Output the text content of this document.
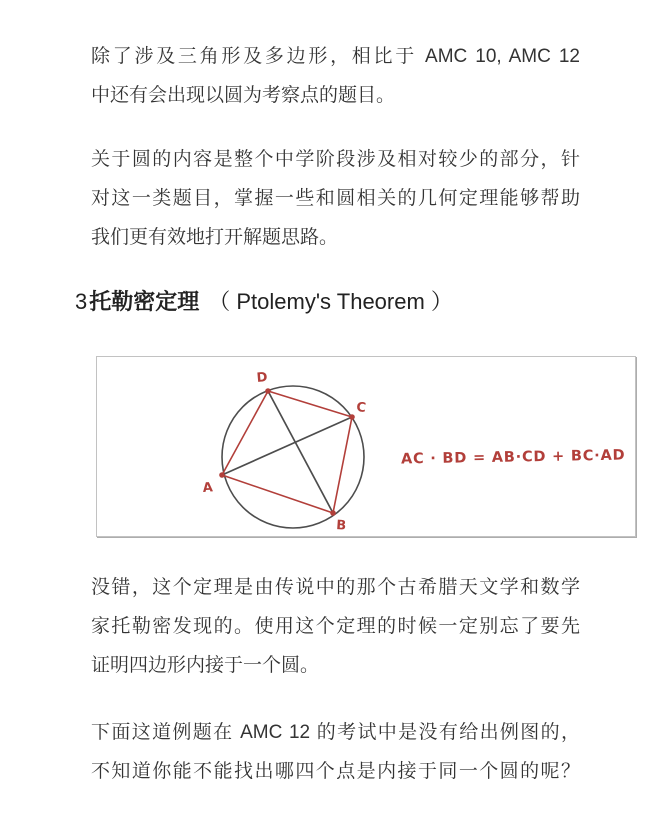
除了涉及三角形及多边形，相比于 AMC 10, AMC 12
中还有会出现以圆为考察点的题目。
关于圆的内容是整个中学阶段涉及相对较少的部分，针
对这一类题目，掌握一些和圆相关的几何定理能够帮助
我们更有效地打开解题思路。
3托勒密定理 （ Ptolemy's Theorem ）
A
D
C
B
AC · BD = AB·CD + BC·AD
没错，这个定理是由传说中的那个古希腊天文学和数学
家托勒密发现的。使用这个定理的时候一定别忘了要先
证明四边形内接于一个圆。
下面这道例题在 AMC 12 的考试中是没有给出例图的，
不知道你能不能找出哪四个点是内接于同一个圆的呢？
